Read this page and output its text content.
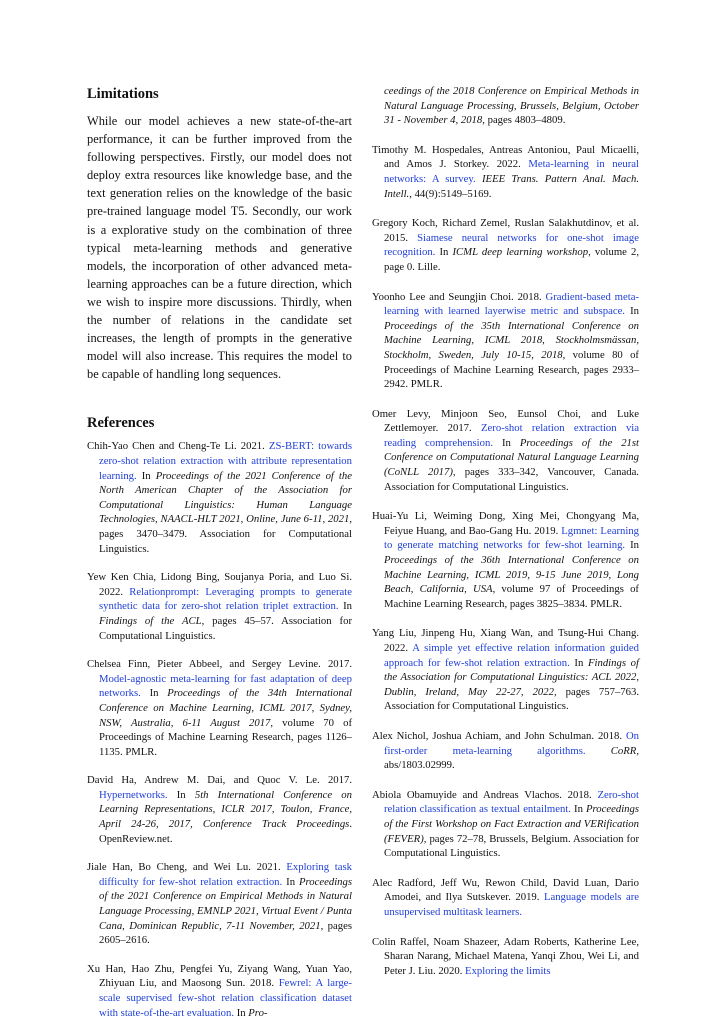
Limitations

While our model achieves a new state-of-the-art performance, it can be further improved from the following perspectives. Firstly, our model does not deploy extra resources like knowledge base, and the text generation relies on the knowledge of the basic pre-trained language model T5. Secondly, our work is a explorative study on the combination of three typical meta-learning methods and generative models, the incorporation of other advanced meta-learning approaches can be a future direction, which we wish to inspire more discussions. Thirdly, when the number of relations in the candidate set increases, the length of prompts in the generative model will also increase. This requires the model to be capable of handling long sequences.

References

Chih-Yao Chen and Cheng-Te Li. 2021. ZS-BERT: towards zero-shot relation extraction with attribute representation learning. In Proceedings of the 2021 Conference of the North American Chapter of the Association for Computational Linguistics: Human Language Technologies, NAACL-HLT 2021, Online, June 6-11, 2021, pages 3470–3479. Association for Computational Linguistics.

Yew Ken Chia, Lidong Bing, Soujanya Poria, and Luo Si. 2022. Relationprompt: Leveraging prompts to generate synthetic data for zero-shot relation triplet extraction. In Findings of the ACL, pages 45–57. Association for Computational Linguistics.

Chelsea Finn, Pieter Abbeel, and Sergey Levine. 2017. Model-agnostic meta-learning for fast adaptation of deep networks. In Proceedings of the 34th International Conference on Machine Learning, ICML 2017, Sydney, NSW, Australia, 6-11 August 2017, volume 70 of Proceedings of Machine Learning Research, pages 1126–1135. PMLR.

David Ha, Andrew M. Dai, and Quoc V. Le. 2017. Hypernetworks. In 5th International Conference on Learning Representations, ICLR 2017, Toulon, France, April 24-26, 2017, Conference Track Proceedings. OpenReview.net.

Jiale Han, Bo Cheng, and Wei Lu. 2021. Exploring task difficulty for few-shot relation extraction. In Proceedings of the 2021 Conference on Empirical Methods in Natural Language Processing, EMNLP 2021, Virtual Event / Punta Cana, Dominican Republic, 7-11 November, 2021, pages 2605–2616.

Xu Han, Hao Zhu, Pengfei Yu, Ziyang Wang, Yuan Yao, Zhiyuan Liu, and Maosong Sun. 2018. Fewrel: A large-scale supervised few-shot relation classification dataset with state-of-the-art evaluation. In Pro-

ceedings of the 2018 Conference on Empirical Methods in Natural Language Processing, Brussels, Belgium, October 31 - November 4, 2018, pages 4803–4809.

Timothy M. Hospedales, Antreas Antoniou, Paul Micaelli, and Amos J. Storkey. 2022. Meta-learning in neural networks: A survey. IEEE Trans. Pattern Anal. Mach. Intell., 44(9):5149–5169.

Gregory Koch, Richard Zemel, Ruslan Salakhutdinov, et al. 2015. Siamese neural networks for one-shot image recognition. In ICML deep learning workshop, volume 2, page 0. Lille.

Yoonho Lee and Seungjin Choi. 2018. Gradient-based meta-learning with learned layerwise metric and subspace. In Proceedings of the 35th International Conference on Machine Learning, ICML 2018, Stockholmsmässan, Stockholm, Sweden, July 10-15, 2018, volume 80 of Proceedings of Machine Learning Research, pages 2933–2942. PMLR.

Omer Levy, Minjoon Seo, Eunsol Choi, and Luke Zettlemoyer. 2017. Zero-shot relation extraction via reading comprehension. In Proceedings of the 21st Conference on Computational Natural Language Learning (CoNLL 2017), pages 333–342, Vancouver, Canada. Association for Computational Linguistics.

Huai-Yu Li, Weiming Dong, Xing Mei, Chongyang Ma, Feiyue Huang, and Bao-Gang Hu. 2019. Lgmnet: Learning to generate matching networks for few-shot learning. In Proceedings of the 36th International Conference on Machine Learning, ICML 2019, 9-15 June 2019, Long Beach, California, USA, volume 97 of Proceedings of Machine Learning Research, pages 3825–3834. PMLR.

Yang Liu, Jinpeng Hu, Xiang Wan, and Tsung-Hui Chang. 2022. A simple yet effective relation information guided approach for few-shot relation extraction. In Findings of the Association for Computational Linguistics: ACL 2022, Dublin, Ireland, May 22-27, 2022, pages 757–763. Association for Computational Linguistics.

Alex Nichol, Joshua Achiam, and John Schulman. 2018. On first-order meta-learning algorithms. CoRR, abs/1803.02999.

Abiola Obamuyide and Andreas Vlachos. 2018. Zero-shot relation classification as textual entailment. In Proceedings of the First Workshop on Fact Extraction and VERification (FEVER), pages 72–78, Brussels, Belgium. Association for Computational Linguistics.

Alec Radford, Jeff Wu, Rewon Child, David Luan, Dario Amodei, and Ilya Sutskever. 2019. Language models are unsupervised multitask learners.

Colin Raffel, Noam Shazeer, Adam Roberts, Katherine Lee, Sharan Narang, Michael Matena, Yanqi Zhou, Wei Li, and Peter J. Liu. 2020. Exploring the limits
